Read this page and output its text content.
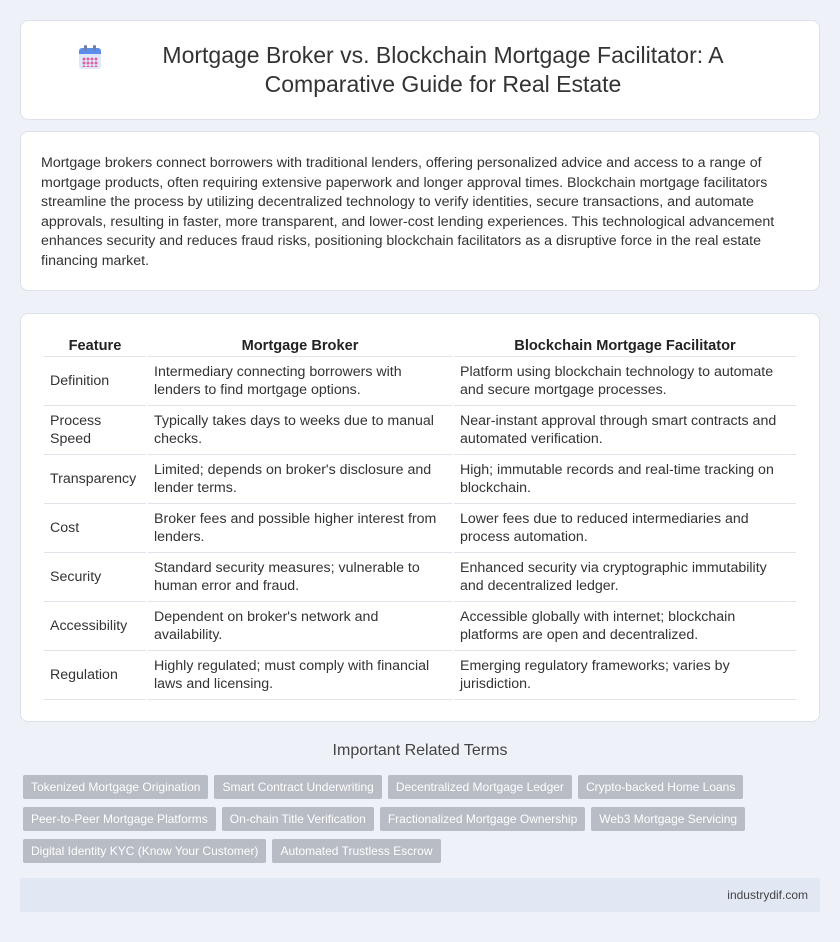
Mortgage Broker vs. Blockchain Mortgage Facilitator: A Comparative Guide for Real Estate

Mortgage brokers connect borrowers with traditional lenders, offering personalized advice and access to a range of mortgage products, often requiring extensive paperwork and longer approval times. Blockchain mortgage facilitators streamline the process by utilizing decentralized technology to verify identities, secure transactions, and automate approvals, resulting in faster, more transparent, and lower-cost lending experiences. This technological advancement enhances security and reduces fraud risks, positioning blockchain facilitators as a disruptive force in the real estate financing market.

Feature	Mortgage Broker	Blockchain Mortgage Facilitator
Definition	Intermediary connecting borrowers with lenders to find mortgage options.	Platform using blockchain technology to automate and secure mortgage processes.
Process Speed	Typically takes days to weeks due to manual checks.	Near-instant approval through smart contracts and automated verification.
Transparency	Limited; depends on broker's disclosure and lender terms.	High; immutable records and real-time tracking on blockchain.
Cost	Broker fees and possible higher interest from lenders.	Lower fees due to reduced intermediaries and process automation.
Security	Standard security measures; vulnerable to human error and fraud.	Enhanced security via cryptographic immutability and decentralized ledger.
Accessibility	Dependent on broker's network and availability.	Accessible globally with internet; blockchain platforms are open and decentralized.
Regulation	Highly regulated; must comply with financial laws and licensing.	Emerging regulatory frameworks; varies by jurisdiction.
Important Related Terms
Tokenized Mortgage Origination	Smart Contract Underwriting	Decentralized Mortgage Ledger	Crypto-backed Home Loans
Peer-to-Peer Mortgage Platforms	On-chain Title Verification	Fractionalized Mortgage Ownership	Web3 Mortgage Servicing
Digital Identity KYC (Know Your Customer)	Automated Trustless Escrow
industrydif.com
